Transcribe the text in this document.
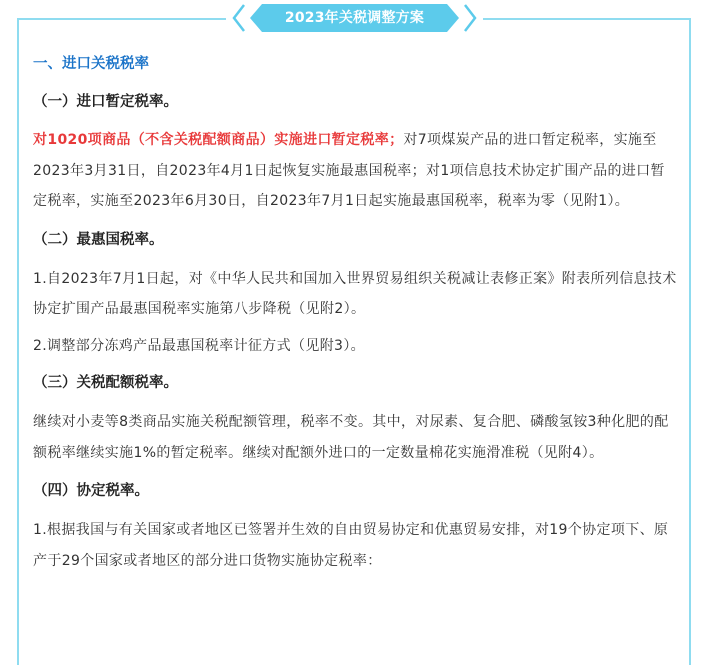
2023年关税调整方案

一、进口关税税率

（一）进口暂定税率。

对1020项商品（不含关税配额商品）实施进口暂定税率；对7项煤炭产品的进口暂定税率，实施至2023年3月31日，自2023年4月1日起恢复实施最惠国税率；对1项信息技术协定扩围产品的进口暂定税率，实施至2023年6月30日，自2023年7月1日起实施最惠国税率，税率为零（见附1）。

（二）最惠国税率。

1.自2023年7月1日起，对《中华人民共和国加入世界贸易组织关税减让表修正案》附表所列信息技术协定扩围产品最惠国税率实施第八步降税（见附2）。

2.调整部分冻鸡产品最惠国税率计征方式（见附3）。

（三）关税配额税率。

继续对小麦等8类商品实施关税配额管理，税率不变。其中，对尿素、复合肥、磷酸氢铵3种化肥的配额税率继续实施1%的暂定税率。继续对配额外进口的一定数量棉花实施滑准税（见附4）。

（四）协定税率。

1.根据我国与有关国家或者地区已签署并生效的自由贸易协定和优惠贸易安排，对19个协定项下、原产于29个国家或者地区的部分进口货物实施协定税率：
